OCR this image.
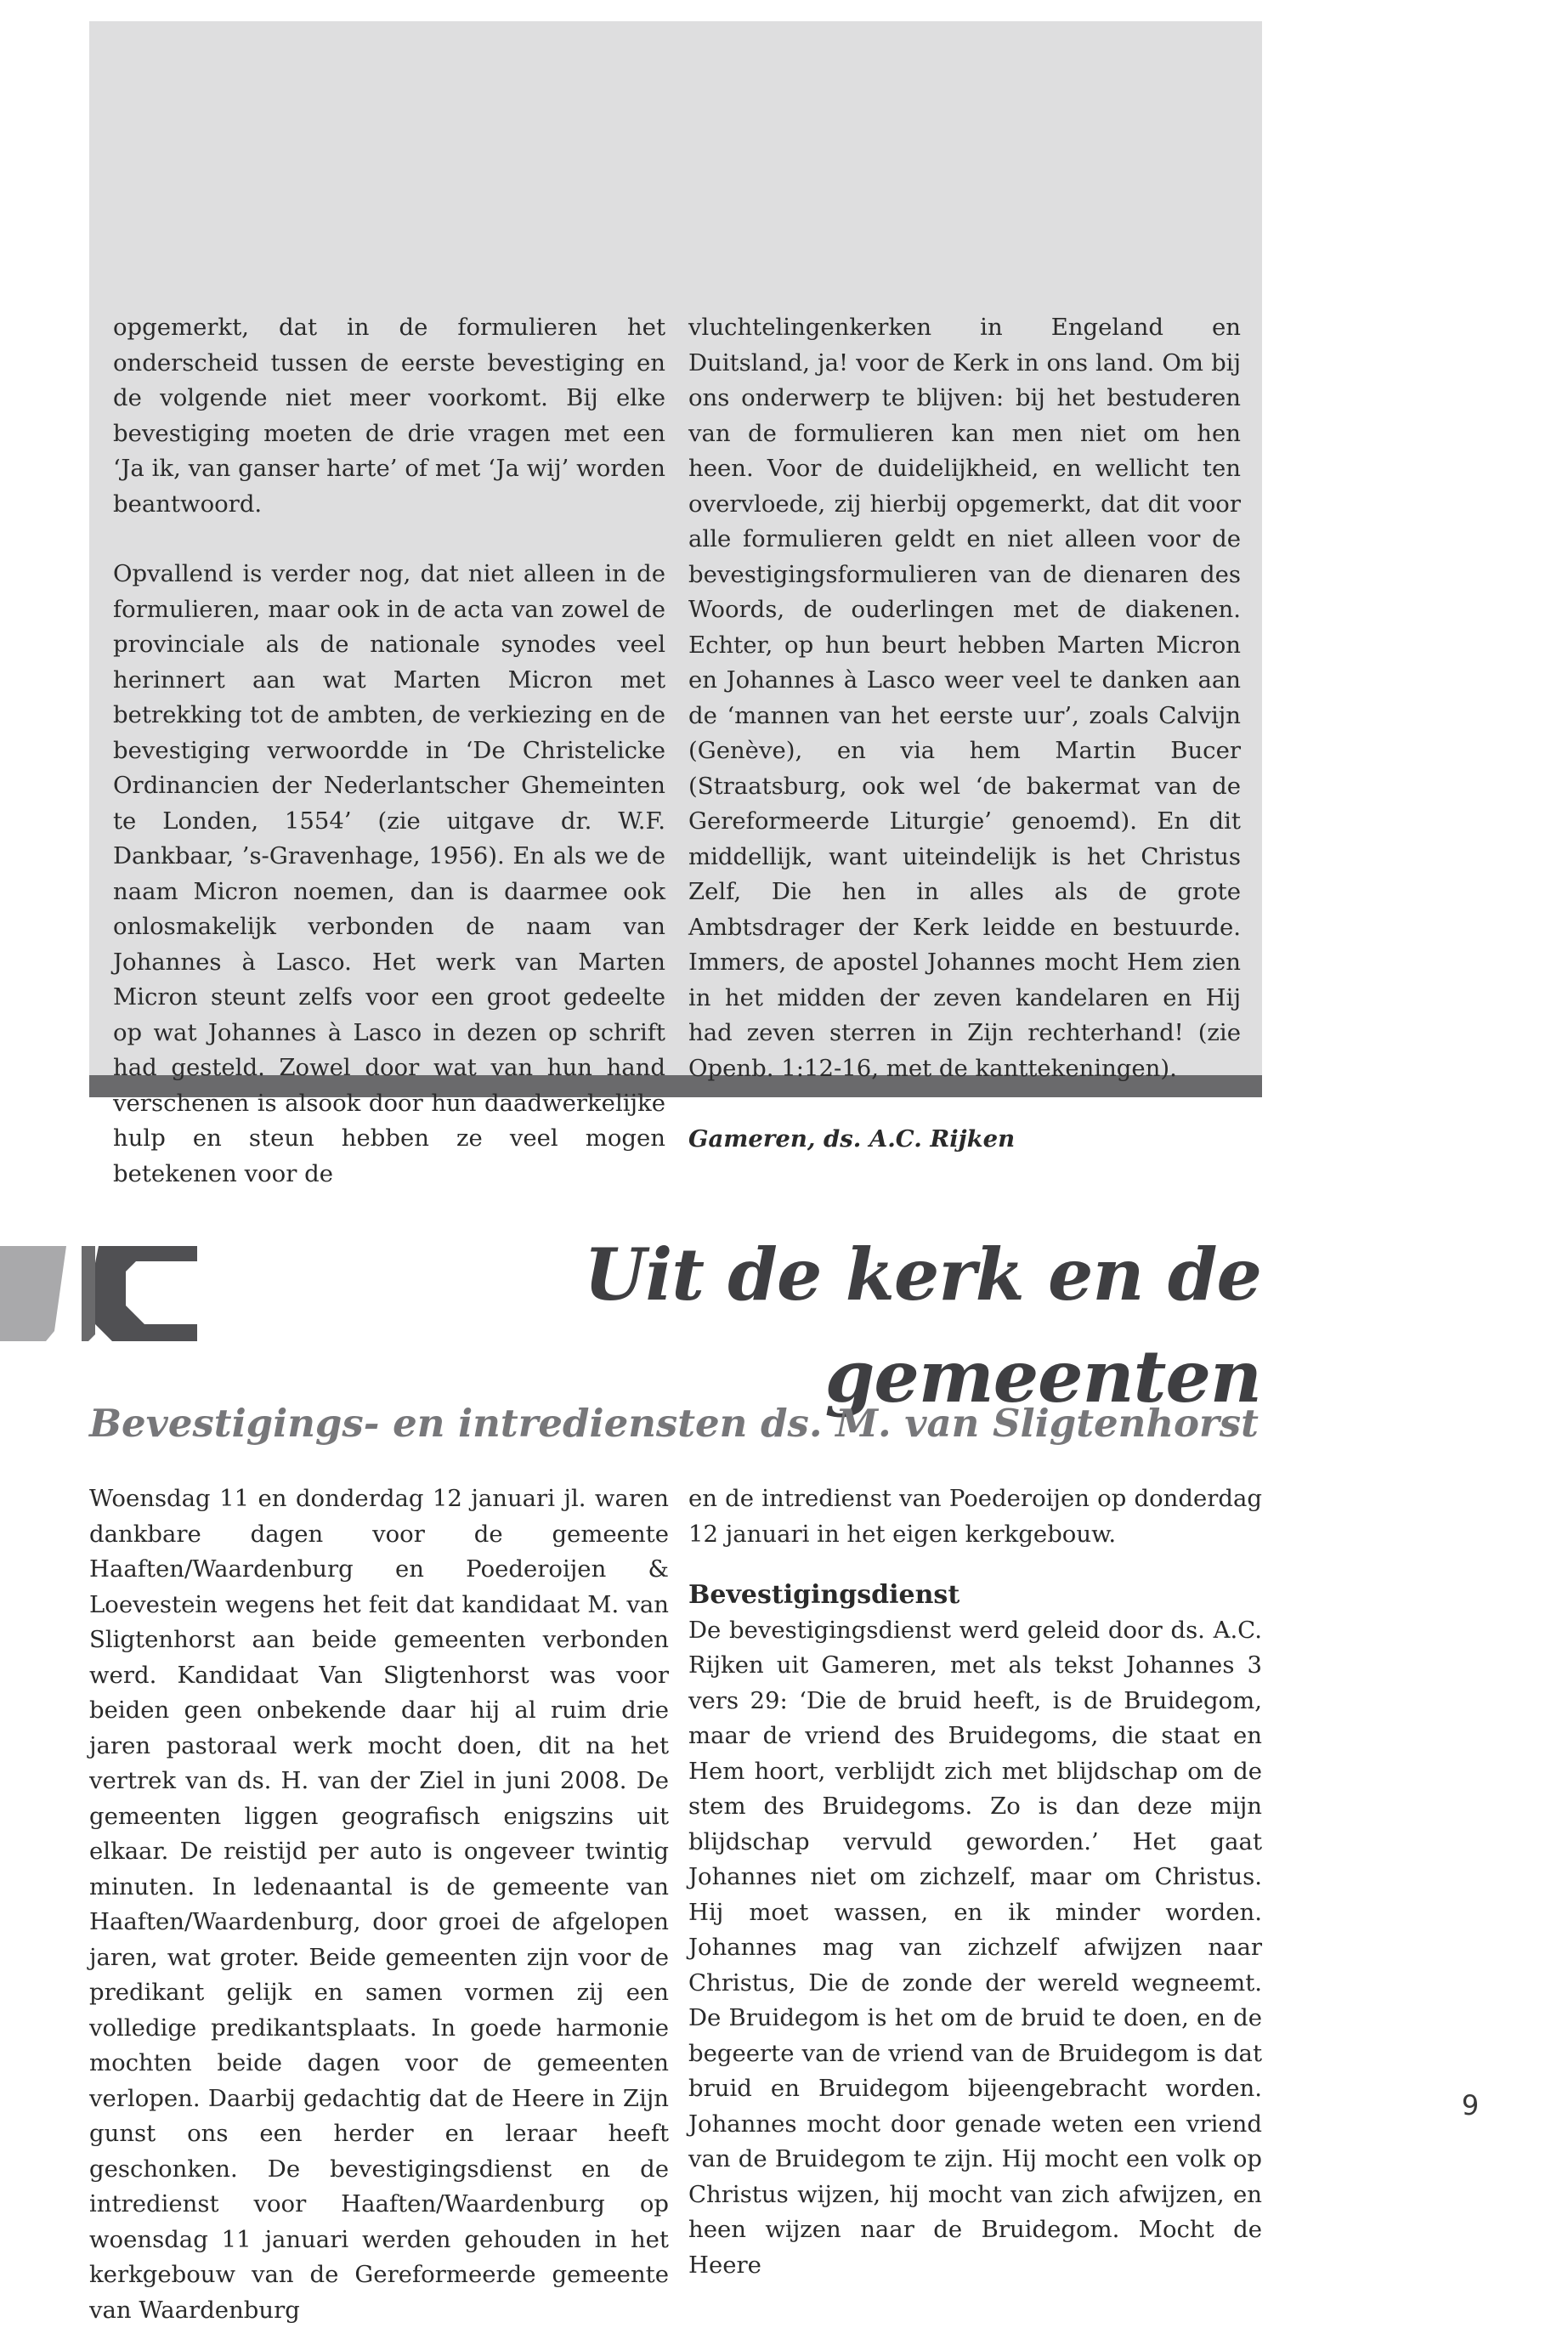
opgemerkt, dat in de formulieren het onderscheid tussen de eerste bevestiging en de volgende niet meer voorkomt. Bij elke bevestiging moeten de drie vragen met een ‘Ja ik, van ganser harte’ of met ‘Ja wij’ worden beantwoord.

Opvallend is verder nog, dat niet alleen in de formulieren, maar ook in de acta van zowel de provinciale als de nationale synodes veel herinnert aan wat Marten Micron met betrekking tot de ambten, de verkiezing en de bevestiging verwoordde in ‘De Christelicke Ordinancien der Nederlantscher Ghemeinten te Londen, 1554’ (zie uitgave dr. W.F. Dankbaar, ’s-Gravenhage, 1956). En als we de naam Micron noemen, dan is daarmee ook onlosmakelijk verbonden de naam van Johannes à Lasco. Het werk van Marten Micron steunt zelfs voor een groot gedeelte op wat Johannes à Lasco in dezen op schrift had gesteld. Zowel door wat van hun hand verschenen is alsook door hun daadwerkelijke hulp en steun hebben ze veel mogen betekenen voor de

vluchtelingenkerken in Engeland en Duitsland, ja! voor de Kerk in ons land. Om bij ons onderwerp te blijven: bij het bestuderen van de formulieren kan men niet om hen heen. Voor de duidelijkheid, en wellicht ten overvloede, zij hierbij opgemerkt, dat dit voor alle formulieren geldt en niet alleen voor de bevestigingsformulieren van de dienaren des Woords, de ouderlingen met de diakenen. Echter, op hun beurt hebben Marten Micron en Johannes à Lasco weer veel te danken aan de ‘mannen van het eerste uur’, zoals Calvijn (Genève), en via hem Martin Bucer (Straatsburg, ook wel ‘de bakermat van de Gereformeerde Liturgie’ genoemd). En dit middellijk, want uiteindelijk is het Christus Zelf, Die hen in alles als de grote Ambtsdrager der Kerk leidde en bestuurde. Immers, de apostel Johannes mocht Hem zien in het midden der zeven kandelaren en Hij had zeven sterren in Zijn rechterhand! (zie Openb. 1:12-16, met de kanttekeningen).

Gameren, ds. A.C. Rijken

Uit de kerk en de gemeenten
Bevestigings- en intrediensten ds. M. van Sligtenhorst

Woensdag 11 en donderdag 12 januari jl. waren dankbare dagen voor de gemeente Haaften/Waardenburg en Poederoijen & Loevestein wegens het feit dat kandidaat M. van Sligtenhorst aan beide gemeenten verbonden werd. Kandidaat Van Sligtenhorst was voor beiden geen onbekende daar hij al ruim drie jaren pastoraal werk mocht doen, dit na het vertrek van ds. H. van der Ziel in juni 2008. De gemeenten liggen geografisch enigszins uit elkaar. De reistijd per auto is ongeveer twintig minuten. In ledenaantal is de gemeente van Haaften/Waardenburg, door groei de afgelopen jaren, wat groter. Beide gemeenten zijn voor de predikant gelijk en samen vormen zij een volledige predikantsplaats. In goede harmonie mochten beide dagen voor de gemeenten verlopen. Daarbij gedachtig dat de Heere in Zijn gunst ons een herder en leraar heeft geschonken. De bevestigingsdienst en de intredienst voor Haaften/Waardenburg op woensdag 11 januari werden gehouden in het kerkgebouw van de Gereformeerde gemeente van Waardenburg

en de intredienst van Poederoijen op donderdag 12 januari in het eigen kerkgebouw.

Bevestigingsdienst

De bevestigingsdienst werd geleid door ds. A.C. Rijken uit Gameren, met als tekst Johannes 3 vers 29: ‘Die de bruid heeft, is de Bruidegom, maar de vriend des Bruidegoms, die staat en Hem hoort, verblijdt zich met blijdschap om de stem des Bruidegoms. Zo is dan deze mijn blijdschap vervuld geworden.’ Het gaat Johannes niet om zichzelf, maar om Christus. Hij moet wassen, en ik minder worden. Johannes mag van zichzelf afwijzen naar Christus, Die de zonde der wereld wegneemt. De Bruidegom is het om de bruid te doen, en de begeerte van de vriend van de Bruidegom is dat bruid en Bruidegom bijeengebracht worden. Johannes mocht door genade weten een vriend van de Bruidegom te zijn. Hij mocht een volk op Christus wijzen, hij mocht van zich afwijzen, en heen wijzen naar de Bruidegom. Mocht de Heere

9
